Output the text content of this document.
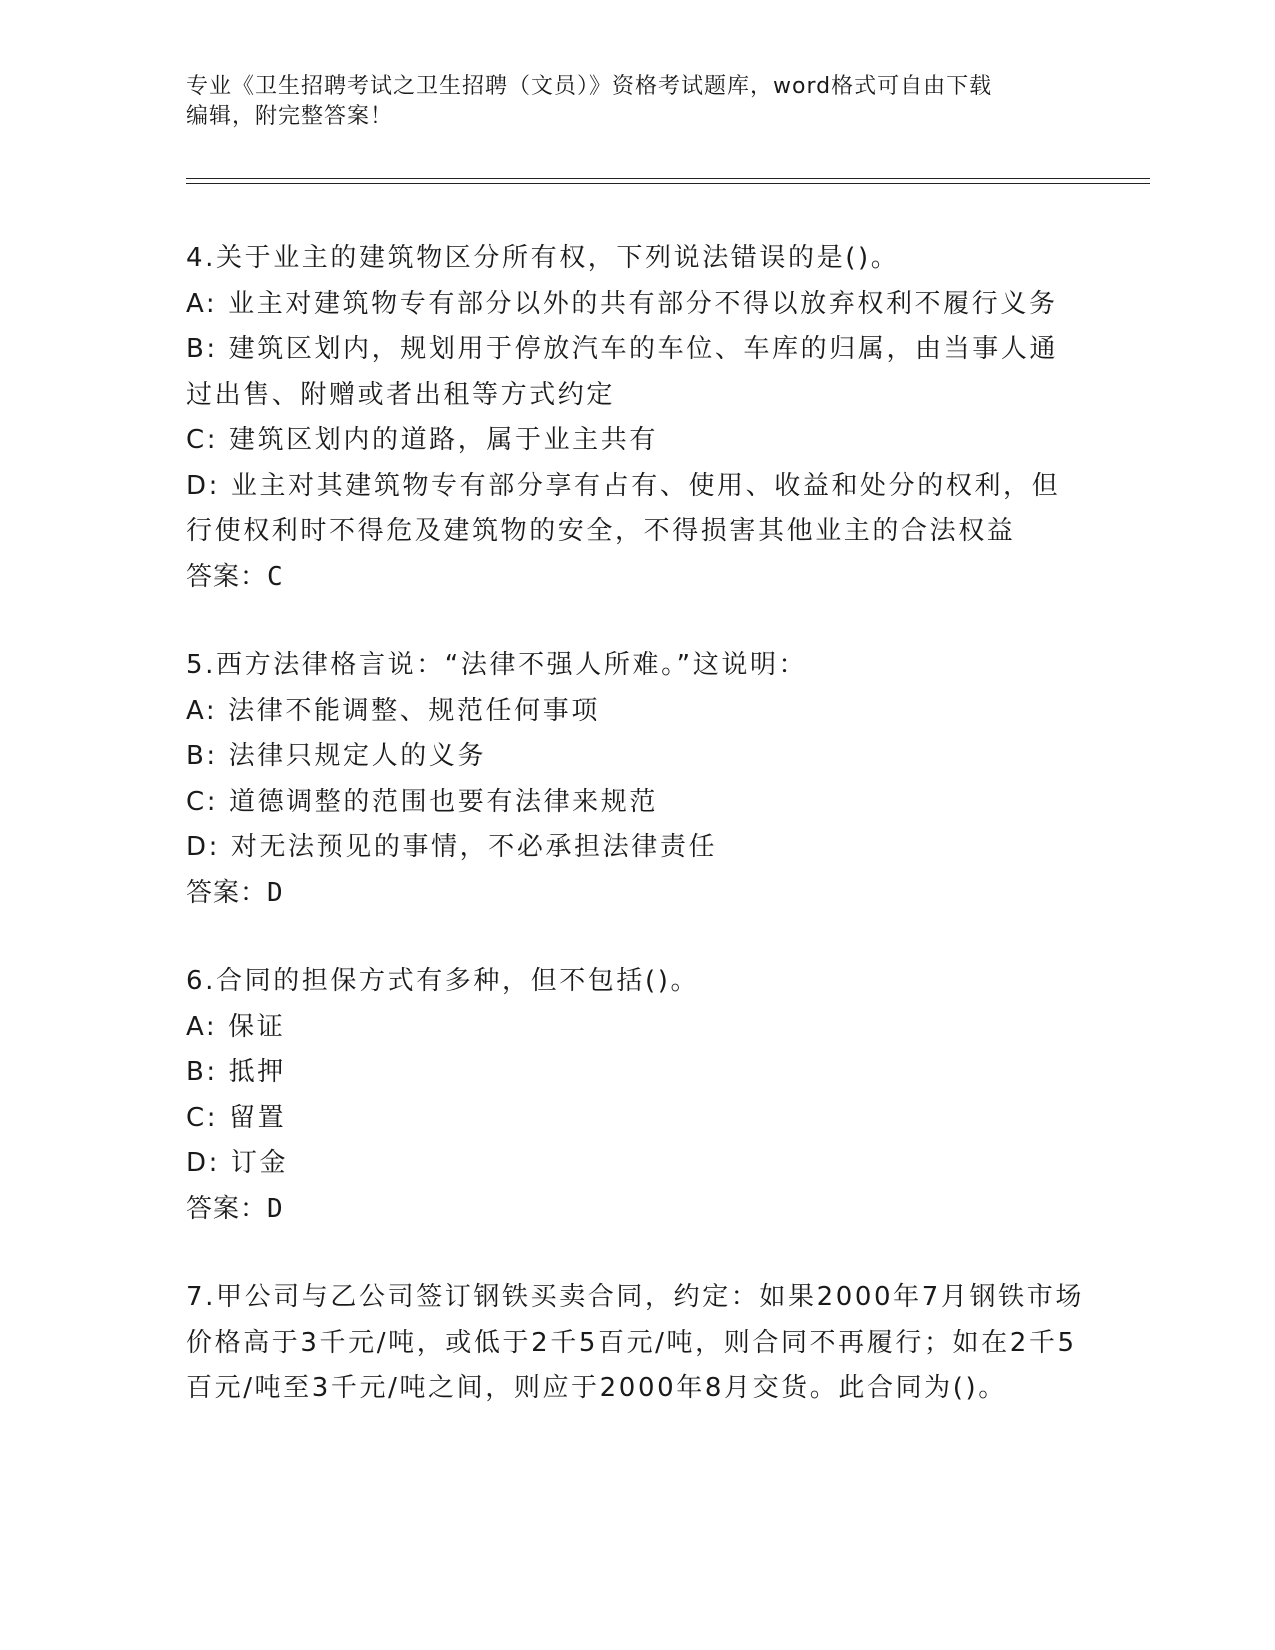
专业《卫生招聘考试之卫生招聘（文员）》资格考试题库，word格式可自由下载
编辑，附完整答案！

4.关于业主的建筑物区分所有权，下列说法错误的是()。

A: 业主对建筑物专有部分以外的共有部分不得以放弃权利不履行义务

B: 建筑区划内，规划用于停放汽车的车位、车库的归属，由当事人通过出售、附赠或者出租等方式约定

C: 建筑区划内的道路，属于业主共有

D: 业主对其建筑物专有部分享有占有、使用、收益和处分的权利，但行使权利时不得危及建筑物的安全，不得损害其他业主的合法权益

答案：C

5.西方法律格言说：“法律不强人所难。”这说明：

A: 法律不能调整、规范任何事项

B: 法律只规定人的义务

C: 道德调整的范围也要有法律来规范

D: 对无法预见的事情，不必承担法律责任

答案：D

6.合同的担保方式有多种，但不包括()。

A: 保证

B: 抵押

C: 留置

D: 订金

答案：D

7.甲公司与乙公司签订钢铁买卖合同，约定：如果2000年7月钢铁市场价格高于3千元/吨，或低于2千5百元/吨，则合同不再履行；如在2千5百元/吨至3千元/吨之间，则应于2000年8月交货。此合同为()。
